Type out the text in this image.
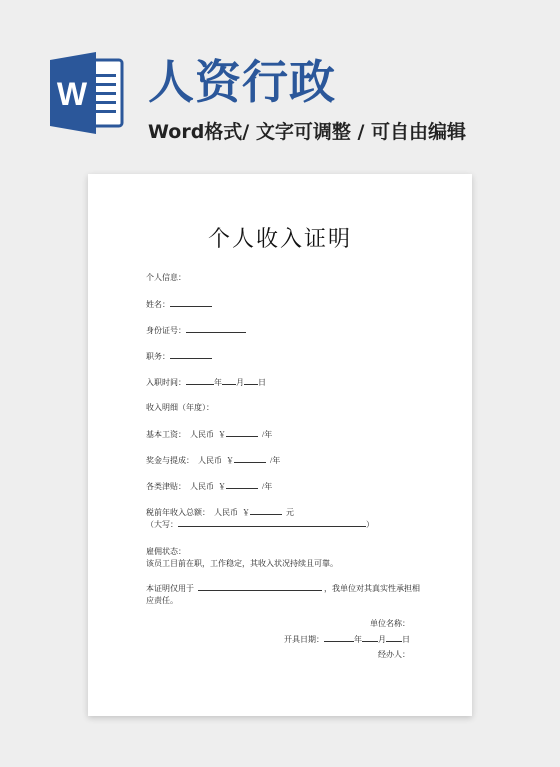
W 人资行政
Word格式/ 文字可调整 / 可自由编辑
个人收入证明
个人信息：
姓名：
身份证号：
职务：
入职时间：	年 月 日
收入明细（年度）：
基本工资： 人民币 ￥	/年
奖金与提成： 人民币 ￥	/年
各类津贴： 人民币 ￥	/年
税前年收入总额： 人民币 ￥	元
（大写：	）
雇佣状态：
该员工目前在职，工作稳定，其收入状况持续且可靠。
本证明仅用于	，我单位对其真实性承担相
应责任。
单位名称：
开具日期：	年 月 日
经办人：
